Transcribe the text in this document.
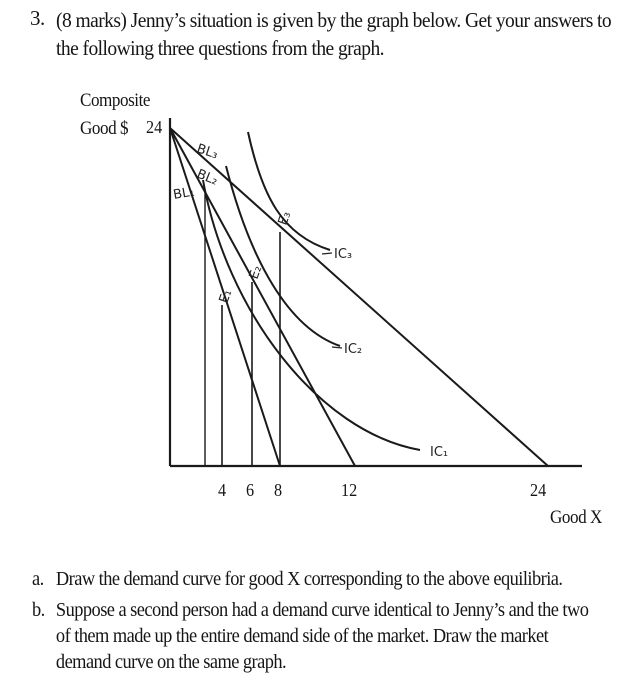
3. (8 marks) Jenny’s situation is given by the graph below. Get your answers to
the following three questions from the graph.
Composite
Good $ 24
BL₃
BL₂
BL₁
E₁
E₂
E₃
IC₃
IC₂
IC₁
4 6 8	12	24
Good X
a. Draw the demand curve for good X corresponding to the above equilibria.
b. Suppose a second person had a demand curve identical to Jenny’s and the two
of them made up the entire demand side of the market. Draw the market
demand curve on the same graph.
